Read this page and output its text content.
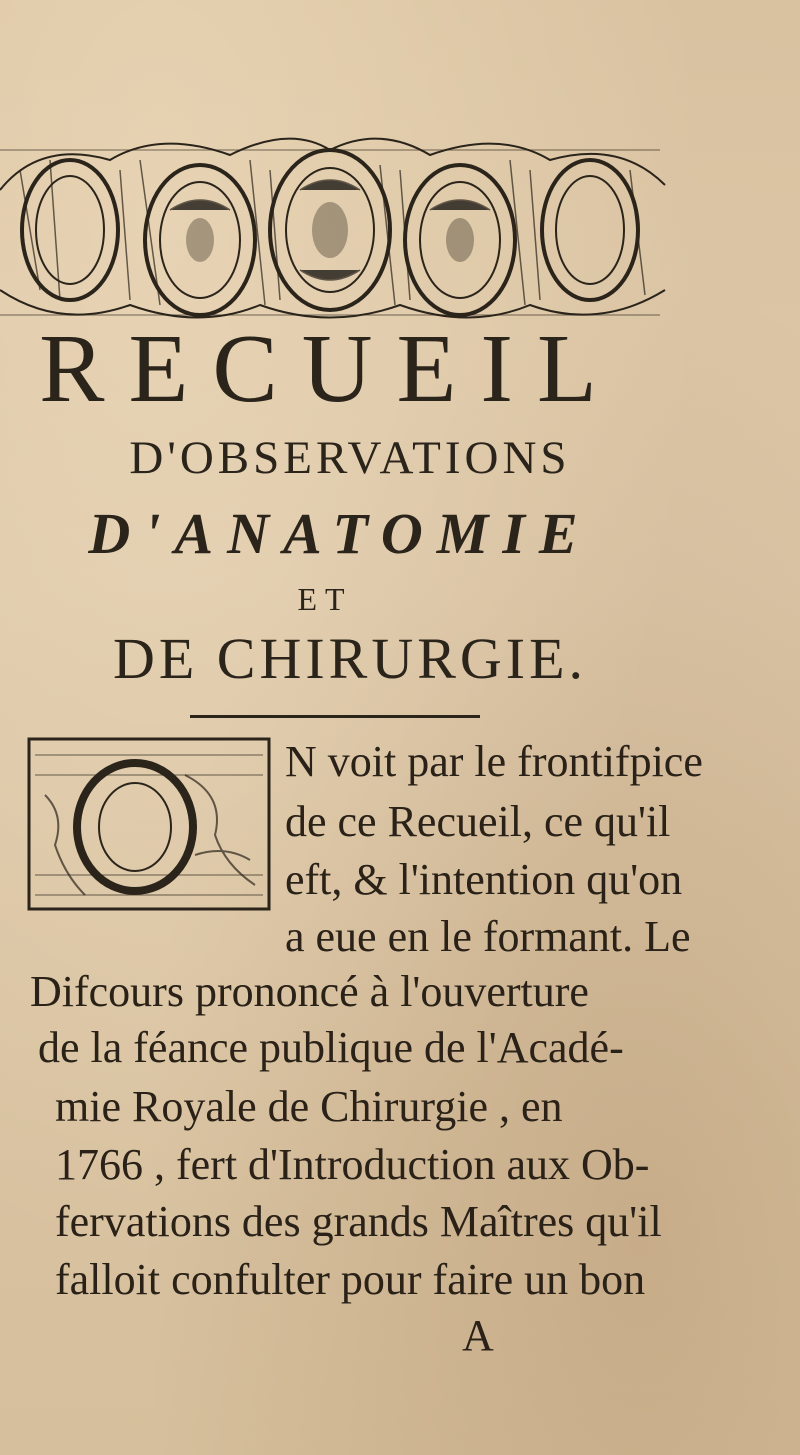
RECUEIL
D'OBSERVATIONS
D'ANATOMIE
ET
DE CHIRURGIE.
N voit par le frontifpice
de ce Recueil, ce qu'il
eft, & l'intention qu'on
a eue en le formant. Le
Difcours prononcé à l'ouverture
de la féance publique de l'Acadé-
mie Royale de Chirurgie , en
1766 , fert d'Introduction aux Ob-
fervations des grands Maîtres qu'il
falloit confulter pour faire un bon
A
